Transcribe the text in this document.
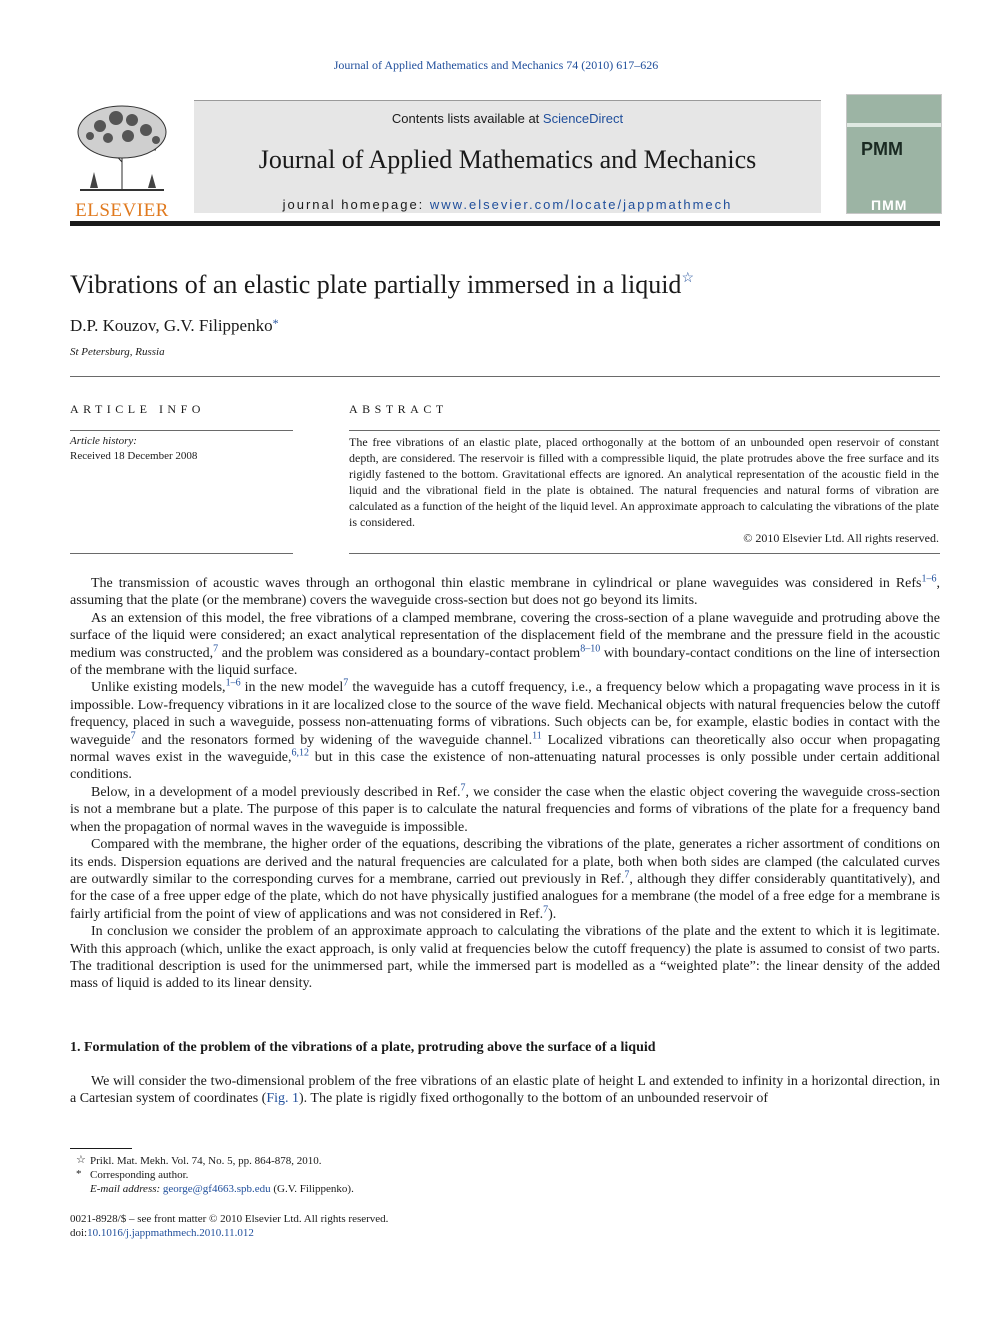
Journal of Applied Mathematics and Mechanics 74 (2010) 617–626
ELSEVIER
Contents lists available at ScienceDirect
Journal of Applied Mathematics and Mechanics
journal homepage: www.elsevier.com/locate/jappmathmech
PMM
ПММ
Vibrations of an elastic plate partially immersed in a liquid☆
D.P. Kouzov, G.V. Filippenko*
St Petersburg, Russia
ARTICLE INFO
Article history:
Received 18 December 2008
ABSTRACT
The free vibrations of an elastic plate, placed orthogonally at the bottom of an unbounded open reservoir of constant depth, are considered. The reservoir is filled with a compressible liquid, the plate protrudes above the free surface and its rigidly fastened to the bottom. Gravitational effects are ignored. An analytical representation of the acoustic field in the liquid and the vibrational field in the plate is obtained. The natural frequencies and natural forms of vibration are calculated as a function of the height of the liquid level. An approximate approach to calculating the vibrations of the plate is considered.
© 2010 Elsevier Ltd. All rights reserved.

The transmission of acoustic waves through an orthogonal thin elastic membrane in cylindrical or plane waveguides was considered in Refs$^{1-6}$, assuming that the plate (or the membrane) covers the waveguide cross-section but does not go beyond its limits.

As an extension of this model, the free vibrations of a clamped membrane, covering the cross-section of a plane waveguide and protruding above the surface of the liquid were considered; an exact analytical representation of the displacement field of the membrane and the pressure field in the acoustic medium was constructed,$^7$ and the problem was considered as a boundary-contact problem$^{8-10}$ with boundary-contact conditions on the line of intersection of the membrane with the liquid surface.

Unlike existing models,$^{1-6}$ in the new model$^7$ the waveguide has a cutoff frequency, i.e., a frequency below which a propagating wave process in it is impossible. Low-frequency vibrations in it are localized close to the source of the wave field. Mechanical objects with natural frequencies below the cutoff frequency, placed in such a waveguide, possess non-attenuating forms of vibrations. Such objects can be, for example, elastic bodies in contact with the waveguide$^7$ and the resonators formed by widening of the waveguide channel.$^{11}$ Localized vibrations can theoretically also occur when propagating normal waves exist in the waveguide,$^{6,12}$ but in this case the existence of non-attenuating natural processes is only possible under certain additional conditions.

Below, in a development of a model previously described in Ref.$^7$, we consider the case when the elastic object covering the waveguide cross-section is not a membrane but a plate. The purpose of this paper is to calculate the natural frequencies and forms of vibrations of the plate for a frequency band when the propagation of normal waves in the waveguide is impossible.

Compared with the membrane, the higher order of the equations, describing the vibrations of the plate, generates a richer assortment of conditions on its ends. Dispersion equations are derived and the natural frequencies are calculated for a plate, both when both sides are clamped (the calculated curves are outwardly similar to the corresponding curves for a membrane, carried out previously in Ref.$^7$, although they differ considerably quantitatively), and for the case of a free upper edge of the plate, which do not have physically justified analogues for a membrane (the model of a free edge for a membrane is fairly artificial from the point of view of applications and was not considered in Ref.$^7$).

In conclusion we consider the problem of an approximate approach to calculating the vibrations of the plate and the extent to which it is legitimate. With this approach (which, unlike the exact approach, is only valid at frequencies below the cutoff frequency) the plate is assumed to consist of two parts. The traditional description is used for the unimmersed part, while the immersed part is modelled as a “weighted plate”: the linear density of the added mass of liquid is added to its linear density.

1. Formulation of the problem of the vibrations of a plate, protruding above the surface of a liquid

We will consider the two-dimensional problem of the free vibrations of an elastic plate of height L and extended to infinity in a horizontal direction, in a Cartesian system of coordinates (Fig. 1). The plate is rigidly fixed orthogonally to the bottom of an unbounded reservoir of

☆ Prikl. Mat. Mekh. Vol. 74, No. 5, pp. 864-878, 2010.
* Corresponding author.
E-mail address: george@gf4663.spb.edu (G.V. Filippenko).
0021-8928/$ – see front matter © 2010 Elsevier Ltd. All rights reserved.
doi:10.1016/j.jappmathmech.2010.11.012
